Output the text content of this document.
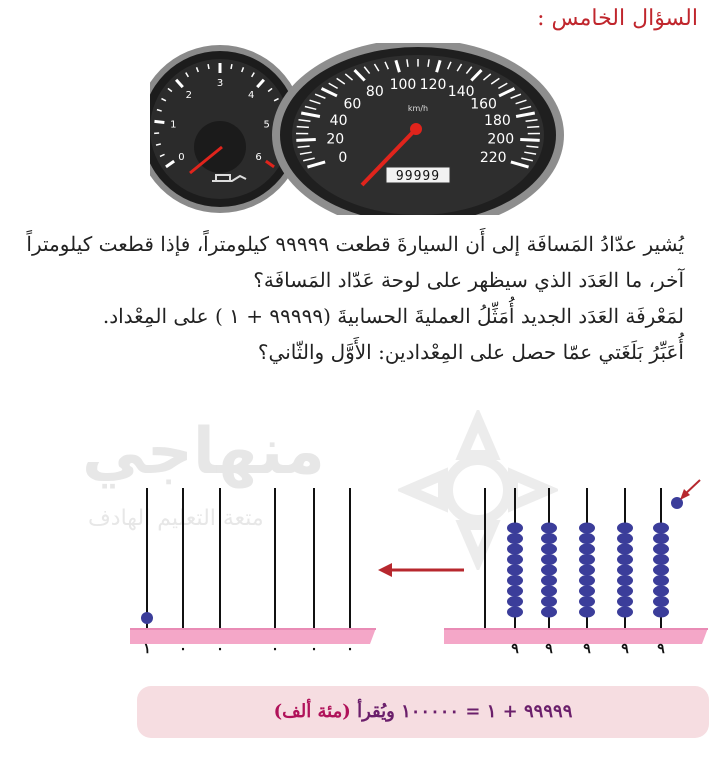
السؤال الخامس :
0
1
2
3
4
5
6	0
20
40
60
80 100 120 140
160
180
200
220
km/h
99999
يُشير عدّادُ المَسافَة إلى أَن السيارةَ قطعت ٩٩٩٩٩ كيلومتراً، فإذا قطعت كيلومتراً آخر، ما العَدَد الذي سيظهر على لوحة عَدّاد المَسافَة؟
لمَعْرفَة العَدَد الجديد أُمَثِّلُ العمليةَ الحسابيةَ (٩٩٩٩٩ + ١ ) على المِعْداد.
أُعَبِّرُ بَلَغَتي عمّا حصل على المِعْدادين: الأَوَّل والثّاني؟
منهاجي
متعة التعليم الهادف
١ ٠ ٠	٠ ٠ ٠	٩ ٩ ٩ ٩ ٩
٩٩٩٩٩ + ١ = ١٠٠٠٠٠ ويُقرأ (مئة ألف)
